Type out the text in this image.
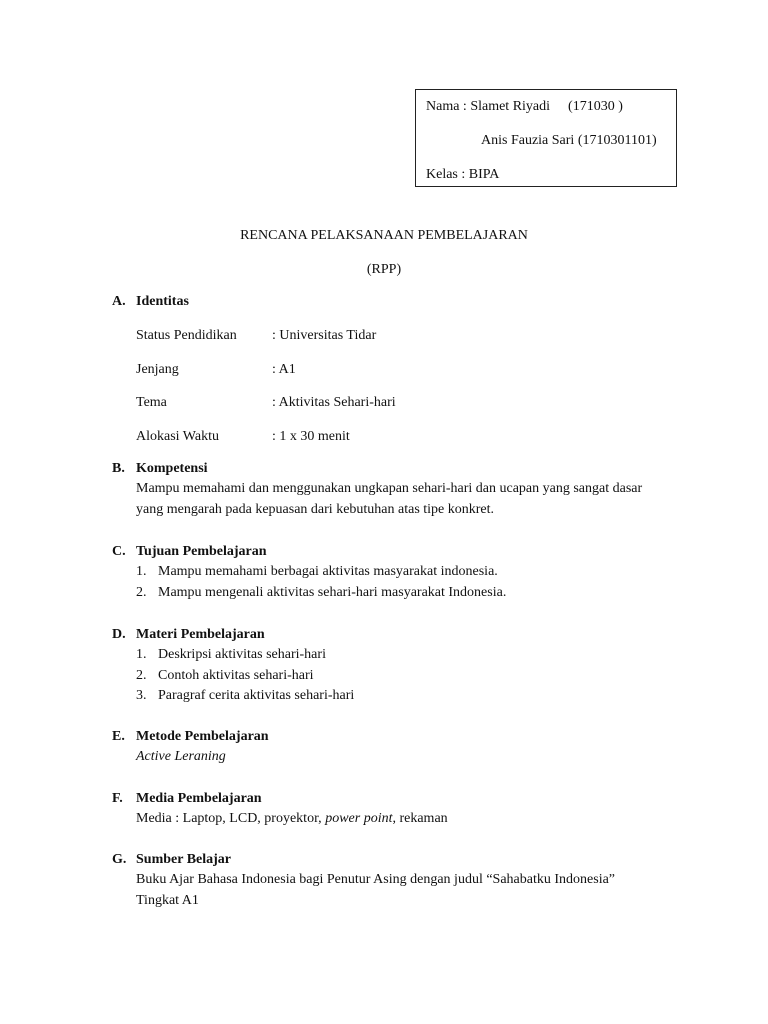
Nama : Slamet Riyadi (171030 )
Anis Fauzia Sari (1710301101)
Kelas : BIPA
RENCANA PELAKSANAAN PEMBELAJARAN
(RPP)
A. Identitas
Status Pendidikan	: Universitas Tidar
Jenjang	: A1
Tema	: Aktivitas Sehari-hari
Alokasi Waktu	: 1 x 30 menit
B. Kompetensi

Mampu memahami dan menggunakan ungkapan sehari-hari dan ucapan yang sangat dasar yang mengarah pada kepuasan dari kebutuhan atas tipe konkret.

C. Tujuan Pembelajaran
1. Mampu memahami berbagai aktivitas masyarakat indonesia.
2. Mampu mengenali aktivitas sehari-hari masyarakat Indonesia.
D. Materi Pembelajaran
1. Deskripsi aktivitas sehari-hari
2. Contoh aktivitas sehari-hari
3. Paragraf cerita aktivitas sehari-hari
E. Metode Pembelajaran

Active Leraning

F. Media Pembelajaran

Media : Laptop, LCD, proyektor, power point, rekaman

G. Sumber Belajar

Buku Ajar Bahasa Indonesia bagi Penutur Asing dengan judul “Sahabatku Indonesia”

Tingkat A1
